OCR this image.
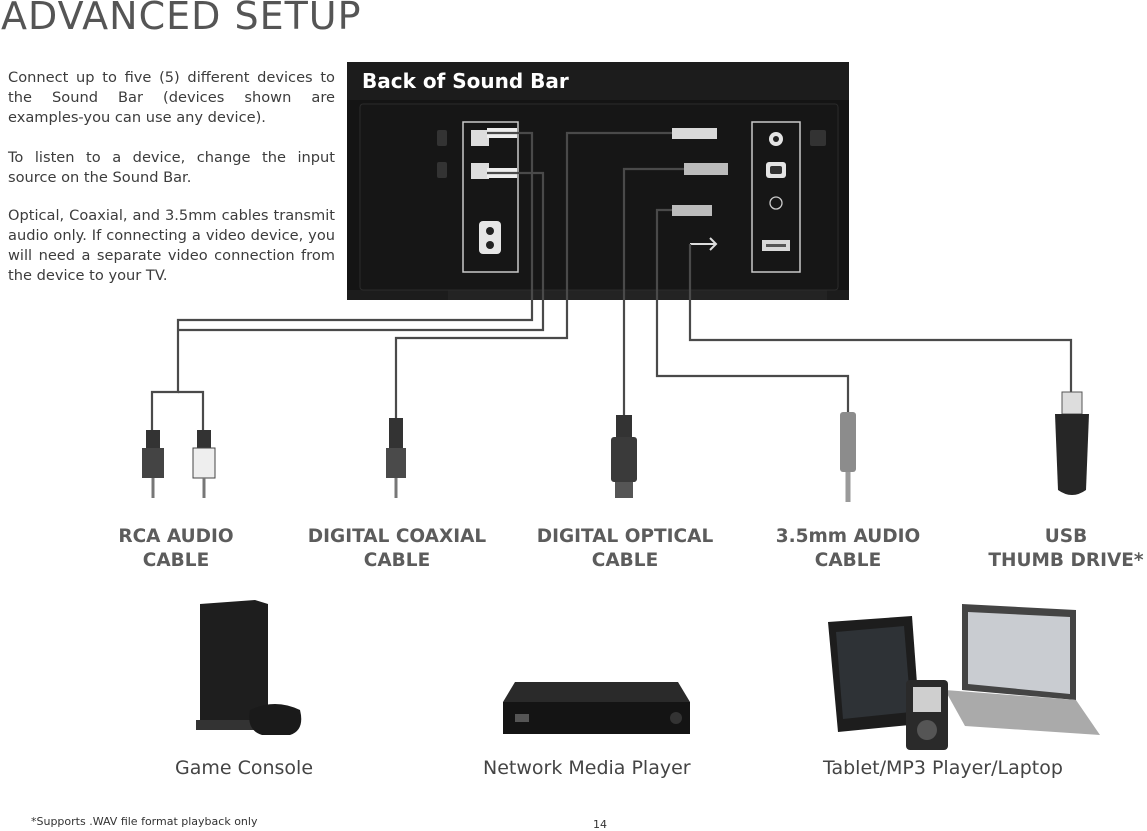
ADVANCED SETUP

Connect up to five (5) different devices to the Sound Bar (devices shown are examples-you can use any device).

To listen to a device, change the input source on the Sound Bar.

Optical, Coaxial, and 3.5mm cables transmit audio only. If connecting a video device, you will need a separate video connection from the device to your TV.

Back of Sound Bar
RCA AUDIO
CABLE
DIGITAL COAXIAL
CABLE
DIGITAL OPTICAL
CABLE
3.5mm AUDIO
CABLE
USB
THUMB DRIVE*
Game Console	Network Media Player	Tablet/MP3 Player/Laptop
*Supports .WAV file format playback only	14
